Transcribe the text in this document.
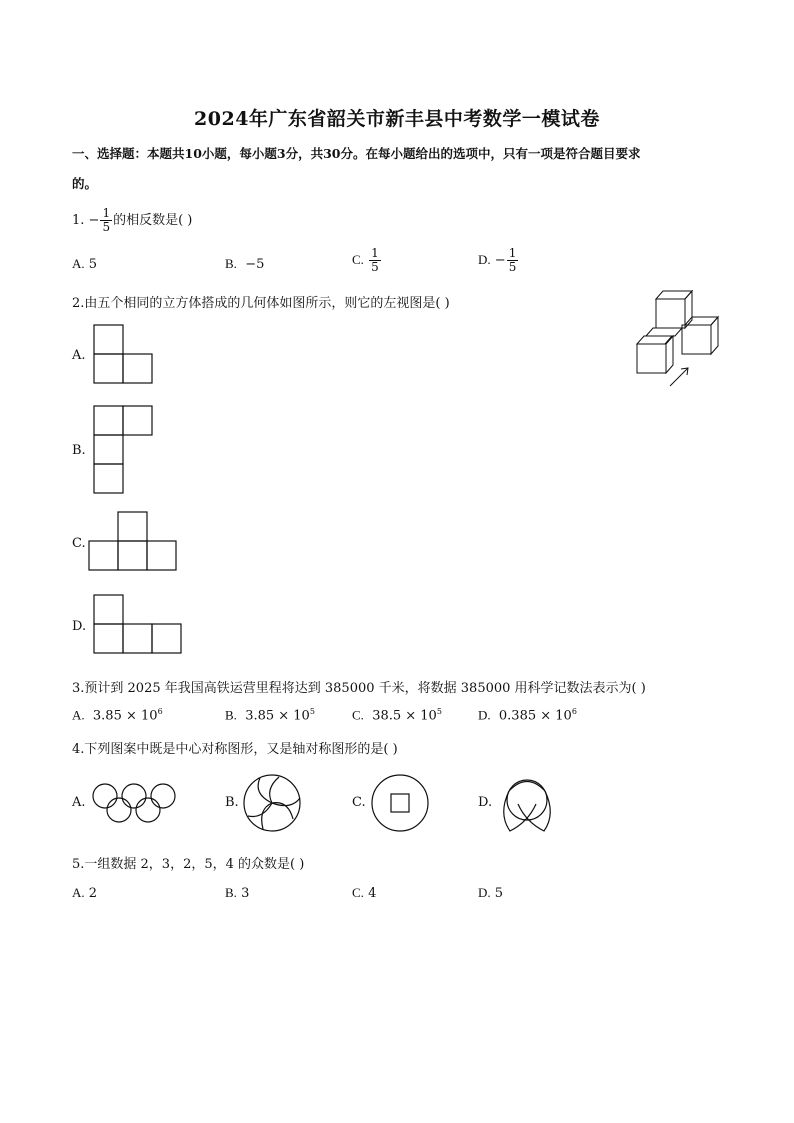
2024年广东省韶关市新丰县中考数学一模试卷
一、选择题：本题共10小题，每小题3分，共30分。在每小题给出的选项中，只有一项是符合题目要求
的。
1. − $\frac{1}{5}$ 的相反数是( )
A. 5	B. −5	C. $\frac{1}{5}$	D. − $\frac{1}{5}$
2.由五个相同的立方体搭成的几何体如图所示，则它的左视图是( )
A.
B.
C.
D.
3.预计到 2025 年我国高铁运营里程将达到 385000 千米，将数据 385000 用科学记数法表示为( )
A. $3.85 \times 10^6$	B. $3.85 \times 10^5$	C. $38.5 \times 10^5$	D. $0.385 \times 10^6$
4.下列图案中既是中心对称图形，又是轴对称图形的是( )
A.	B.	C.	D.
5.一组数据 2，3，2，5，4 的众数是( )
A. 2	B. 3	C. 4	D. 5
